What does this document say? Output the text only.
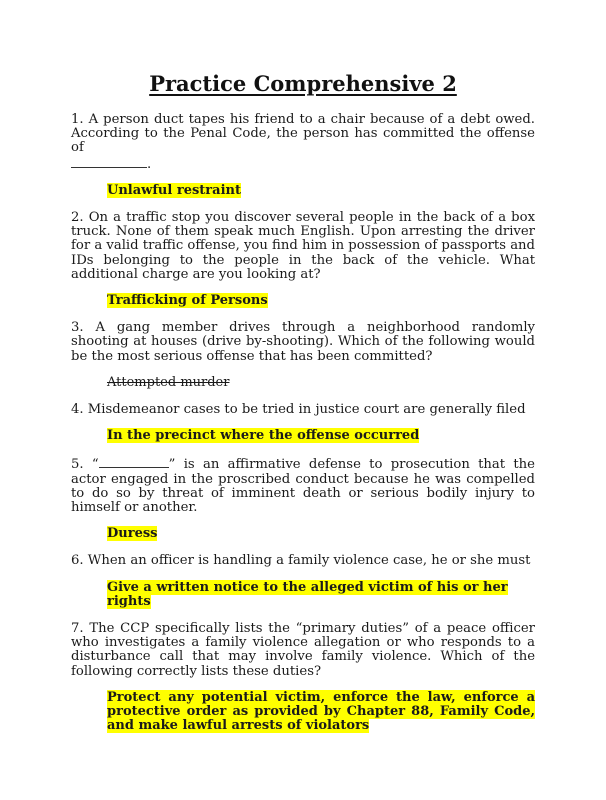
Practice Comprehensive 2

1. A person duct tapes his friend to a chair because of a debt owed. According to the Penal Code, the person has committed the offense of
.

Unlawful restraint

2. On a traffic stop you discover several people in the back of a box truck. None of them speak much English. Upon arresting the driver for a valid traffic offense, you find him in possession of passports and IDs belonging to the people in the back of the vehicle. What additional charge are you looking at?

Trafficking of Persons

3. A gang member drives through a neighborhood randomly shooting at houses (drive by-shooting). Which of the following would be the most serious offense that has been committed?

Attempted murder

4. Misdemeanor cases to be tried in justice court are generally filed

In the precinct where the offense occurred

5. “	” is an affirmative defense to prosecution that the actor engaged in the proscribed conduct because he was compelled to do so by threat of imminent death or serious bodily injury to himself or another.

Duress

6. When an officer is handling a family violence case, he or she must

Give a written notice to the alleged victim of his or her rights

7. The CCP specifically lists the “primary duties” of a peace officer who investigates a family violence allegation or who responds to a disturbance call that may involve family violence. Which of the following correctly lists these duties?

Protect any potential victim, enforce the law, enforce a protective order as provided by Chapter 88, Family Code, and make lawful arrests of violators
